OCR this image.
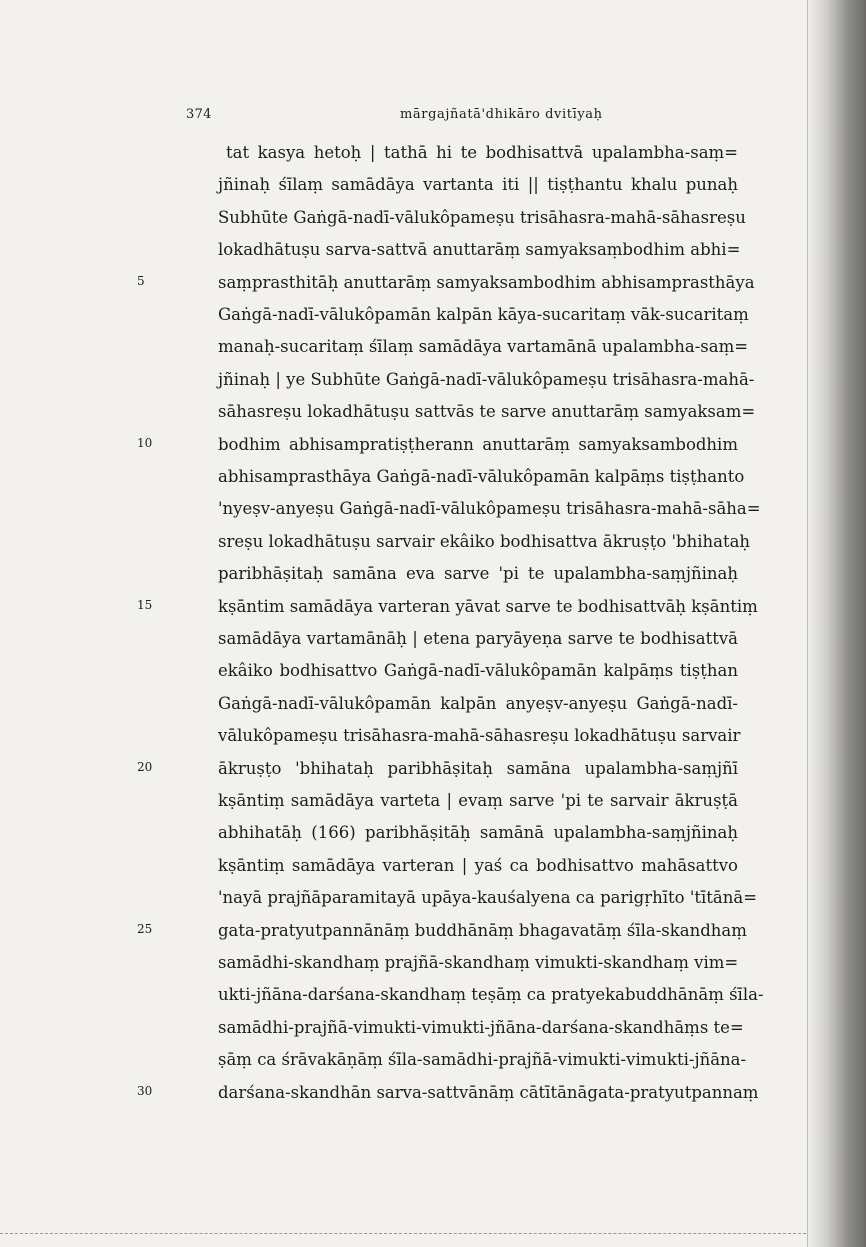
374	mārgajñatā'dhikāro dvitīyaḥ
tat kasya hetoḥ | tathā hi te bodhisattvā upalambha-saṃ=
jñinaḥ śīlaṃ samādāya vartanta iti || tiṣṭhantu khalu punaḥ
Subhūte Gaṅgā-nadī-vālukôpameṣu trisāhasra-mahā-sāhasreṣu
lokadhātuṣu sarva-sattvā anuttarāṃ samyaksaṃbodhim abhi=
5	saṃprasthitāḥ anuttarāṃ samyaksambodhim abhisamprasthāya
Gaṅgā-nadī-vālukôpamān kalpān kāya-sucaritaṃ vāk-sucaritaṃ
manaḥ-sucaritaṃ śīlaṃ samādāya vartamānā upalambha-saṃ=
jñinaḥ | ye Subhūte Gaṅgā-nadī-vālukôpameṣu trisāhasra-mahā-
sāhasreṣu lokadhātuṣu sattvās te sarve anuttarāṃ samyaksam=
10	bodhim abhisampratiṣṭherann anuttarāṃ samyaksambodhim
abhisamprasthāya Gaṅgā-nadī-vālukôpamān kalpāṃs tiṣṭhanto
'nyeṣv-anyeṣu Gaṅgā-nadī-vālukôpameṣu trisāhasra-mahā-sāha=
sreṣu lokadhātuṣu sarvair ekâiko bodhisattva ākruṣṭo 'bhihataḥ
paribhāṣitaḥ samāna eva sarve 'pi te upalambha-saṃjñinaḥ
15	kṣāntim samādāya varteran yāvat sarve te bodhisattvāḥ kṣāntiṃ
samādāya vartamānāḥ | etena paryāyeṇa sarve te bodhisattvā
ekâiko bodhisattvo Gaṅgā-nadī-vālukôpamān kalpāṃs tiṣṭhan
Gaṅgā-nadī-vālukôpamān kalpān anyeṣv-anyeṣu Gaṅgā-nadī-
vālukôpameṣu trisāhasra-mahā-sāhasreṣu lokadhātuṣu sarvair
20	ākruṣṭo 'bhihataḥ paribhāṣitaḥ samāna upalambha-saṃjñī
kṣāntiṃ samādāya varteta | evaṃ sarve 'pi te sarvair ākruṣṭā
abhihatāḥ (166) paribhāṣitāḥ samānā upalambha-saṃjñinaḥ
kṣāntiṃ samādāya varteran | yaś ca bodhisattvo mahāsattvo
'nayā prajñāparamitayā upāya-kauśalyena ca parigṛhīto 'tītānā=
25	gata-pratyutpannānāṃ buddhānāṃ bhagavatāṃ śīla-skandhaṃ
samādhi-skandhaṃ prajñā-skandhaṃ vimukti-skandhaṃ vim=
ukti-jñāna-darśana-skandhaṃ teṣāṃ ca pratyekabuddhānāṃ śīla-
samādhi-prajñā-vimukti-vimukti-jñāna-darśana-skandhāṃs te=
ṣāṃ ca śrāvakāṇāṃ śīla-samādhi-prajñā-vimukti-vimukti-jñāna-
30	darśana-skandhān sarva-sattvānāṃ cātītānāgata-pratyutpannaṃ
